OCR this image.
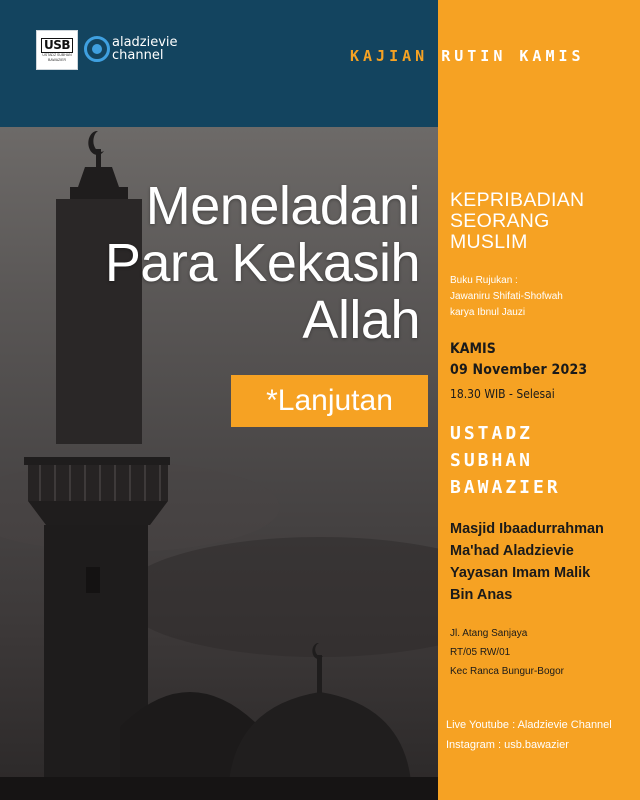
USB
USTADZ SUBHAN BAWAZIER
aladzievie
channel	KAJIAN RUTIN KAMIS
Meneladani
Para Kekasih
Allah
*Lanjutan
KEPRIBADIAN
SEORANG
MUSLIM
Buku Rujukan :
Jawaniru Shifati-Shofwah
karya Ibnul Jauzi
KAMIS
09 November 2023
18.30 WIB - Selesai
USTADZ
SUBHAN
BAWAZIER
Masjid Ibaadurrahman
Ma'had Aladzievie
Yayasan Imam Malik
Bin Anas
Jl. Atang Sanjaya
RT/05 RW/01
Kec Ranca Bungur-Bogor
Live Youtube : Aladzievie Channel
Instagram : usb.bawazier
